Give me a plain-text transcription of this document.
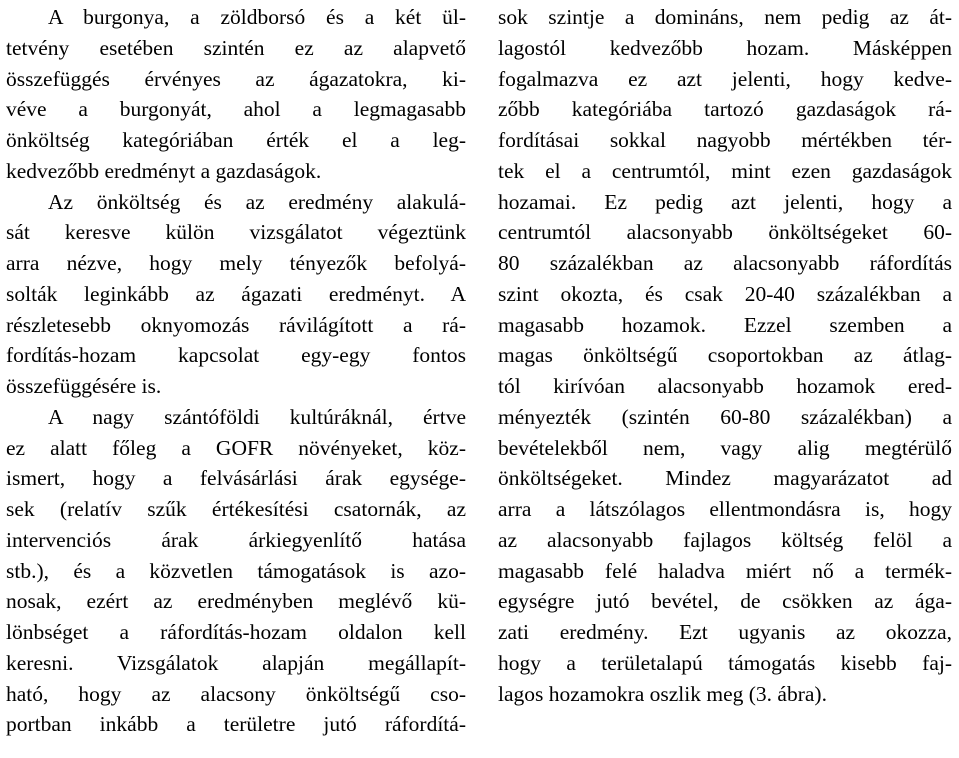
A burgonya, a zöldborsó és a két ül-
tetvény esetében szintén ez az alapvető
összefüggés érvényes az ágazatokra, ki-
véve a burgonyát, ahol a legmagasabb
önköltség kategóriában érték el a leg-
kedvezőbb eredményt a gazdaságok.
Az önköltség és az eredmény alakulá-
sát keresve külön vizsgálatot végeztünk
arra nézve, hogy mely tényezők befolyá-
solták leginkább az ágazati eredményt. A
részletesebb oknyomozás rávilágított a rá-
fordítás-hozam kapcsolat egy-egy fontos
összefüggésére is.
A nagy szántóföldi kultúráknál, értve
ez alatt főleg a GOFR növényeket, köz-
ismert, hogy a felvásárlási árak egysége-
sek (relatív szűk értékesítési csatornák, az
intervenciós árak árkiegyenlítő hatása
stb.), és a közvetlen támogatások is azo-
nosak, ezért az eredményben meglévő kü-
lönbséget a ráfordítás-hozam oldalon kell
keresni. Vizsgálatok alapján megállapít-
ható, hogy az alacsony önköltségű cso-
portban inkább a területre jutó ráfordítá-
sok szintje a domináns, nem pedig az át-
lagostól kedvezőbb hozam. Másképpen
fogalmazva ez azt jelenti, hogy kedve-
zőbb kategóriába tartozó gazdaságok rá-
fordításai sokkal nagyobb mértékben tér-
tek el a centrumtól, mint ezen gazdaságok
hozamai. Ez pedig azt jelenti, hogy a
centrumtól alacsonyabb önköltségeket 60-
80 százalékban az alacsonyabb ráfordítás
szint okozta, és csak 20-40 százalékban a
magasabb hozamok. Ezzel szemben a
magas önköltségű csoportokban az átlag-
tól kirívóan alacsonyabb hozamok ered-
ményezték (szintén 60-80 százalékban) a
bevételekből nem, vagy alig megtérülő
önköltségeket. Mindez magyarázatot ad
arra a látszólagos ellentmondásra is, hogy
az alacsonyabb fajlagos költség felöl a
magasabb felé haladva miért nő a termék-
egységre jutó bevétel, de csökken az ága-
zati eredmény. Ezt ugyanis az okozza,
hogy a területalapú támogatás kisebb faj-
lagos hozamokra oszlik meg (3. ábra).
